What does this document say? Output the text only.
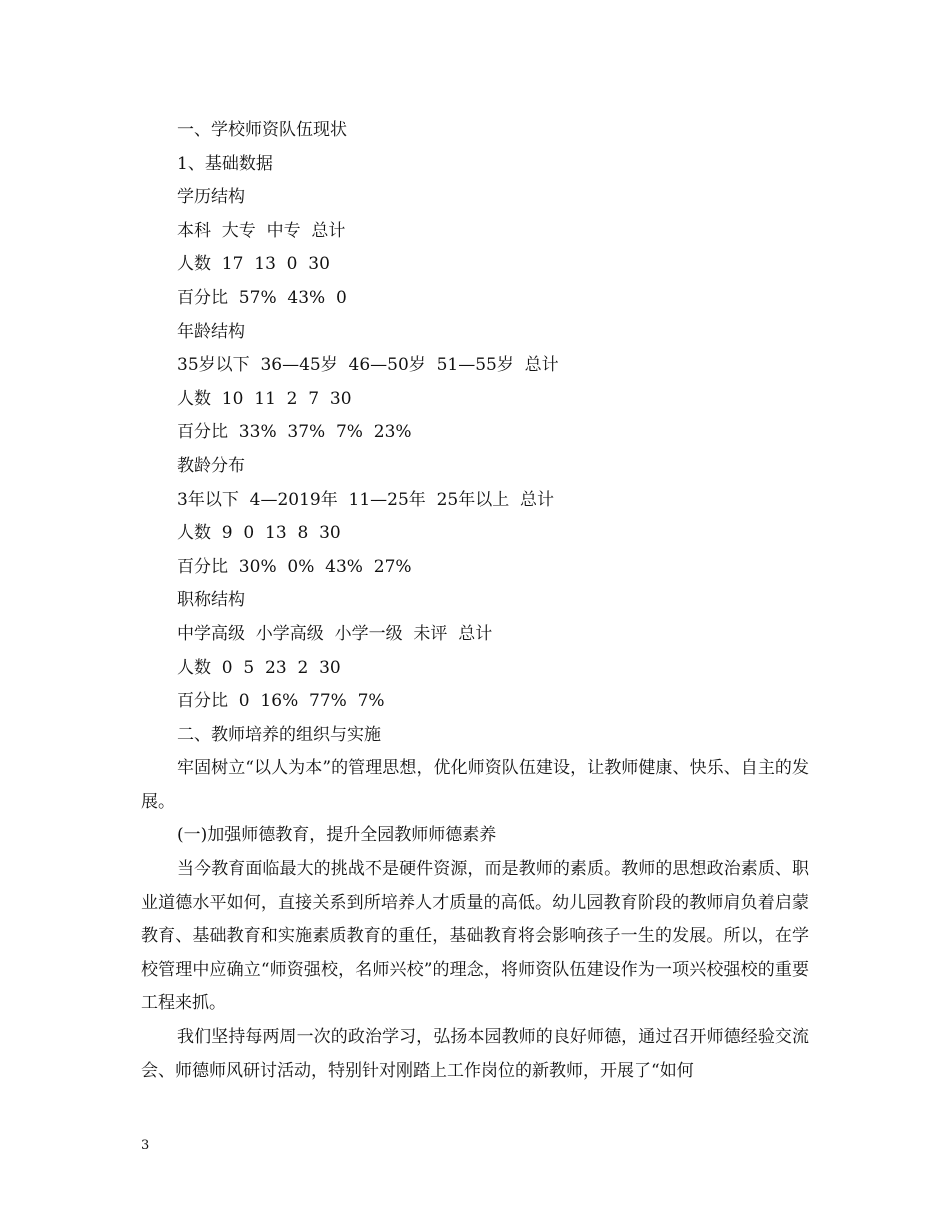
一、学校师资队伍现状
1、基础数据
学历结构
本科  大专  中专  总计
人数  17  13  0  30
百分比  57%  43%  0
年龄结构
35岁以下  36—45岁  46—50岁  51—55岁  总计
人数  10  11  2  7  30
百分比  33%  37%  7%  23%
教龄分布
3年以下  4—2019年  11—25年  25年以上  总计
人数  9  0  13  8  30
百分比  30%  0%  43%  27%
职称结构
中学高级  小学高级  小学一级  未评  总计
人数  0  5  23  2  30
百分比  0  16%  77%  7%
二、教师培养的组织与实施

牢固树立“以人为本”的管理思想，优化师资队伍建设，让教师健康、快乐、自主的发展。

(一)加强师德教育，提升全园教师师德素养

当今教育面临最大的挑战不是硬件资源，而是教师的素质。教师的思想政治素质、职业道德水平如何，直接关系到所培养人才质量的高低。幼儿园教育阶段的教师肩负着启蒙教育、基础教育和实施素质教育的重任，基础教育将会影响孩子一生的发展。所以，在学校管理中应确立“师资强校，名师兴校”的理念，将师资队伍建设作为一项兴校强校的重要工程来抓。

我们坚持每两周一次的政治学习，弘扬本园教师的良好师德，通过召开师德经验交流会、师德师风研讨活动，特别针对刚踏上工作岗位的新教师，开展了“如何

3
